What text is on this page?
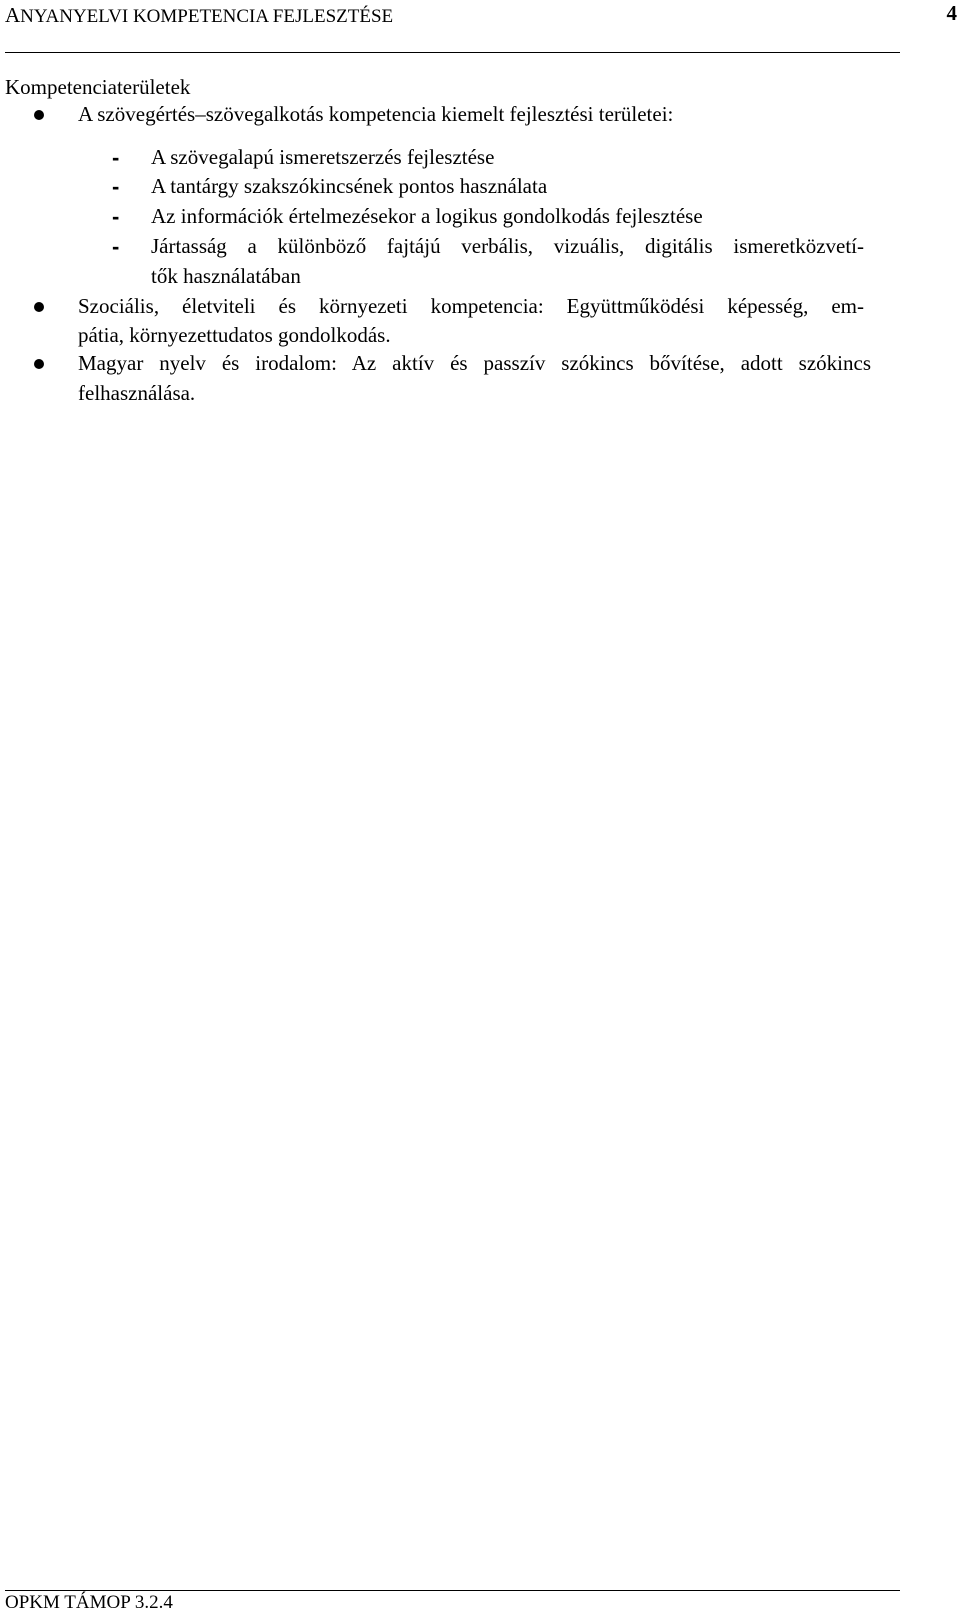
ANYANYELVI KOMPETENCIA FEJLESZTÉSE	4
Kompetenciaterületek
A szövegértés–szövegalkotás kompetencia kiemelt fejlesztési területei:
- A szövegalapú ismeretszerzés fejlesztése
- A tantárgy szakszókincsének pontos használata
- Az információk értelmezésekor a logikus gondolkodás fejlesztése
- Jártasság a különböző fajtájú verbális, vizuális, digitális ismeretközvetí-
tők használatában
Szociális, életviteli és környezeti kompetencia: Együttműködési képesség, em-
pátia, környezettudatos gondolkodás.
Magyar nyelv és irodalom: Az aktív és passzív szókincs bővítése, adott szókincs
felhasználása.
OPKM TÁMOP 3.2.4
